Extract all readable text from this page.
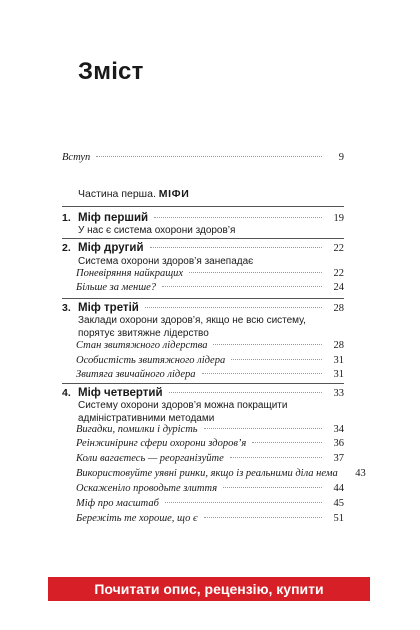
Зміст
Вступ	9
Частина перша. МІФИ
1. Міф перший	19
У нас є система охорони здоров’я
2. Міф другий	22
Система охорони здоров’я занепадає
Поневіряння найкращих	22
Більше за менше?	24
3. Міф третій	28
Заклади охорони здоров’я, якщо не всю систему, порятує звитяжне лідерство
Стан звитяжного лідерства	28
Особистість звитяжного лідера	31
Звитяга звичайного лідера	31
4. Міф четвертий	33
Систему охорони здоров’я можна покращити адміністративними методами
Вигадки, помилки і дурість	34
Реінжиніринг сфери охорони здоров’я	36
Коли вагаєтесь — реорганізуйте	37
Використовуйте уявні ринки, якщо із реальними діла нема	43
Оскаженіло проводьте злиття	44
Міф про масштаб	45
Бережіть те хороше, що є	51
Почитати опис, рецензію, купити
